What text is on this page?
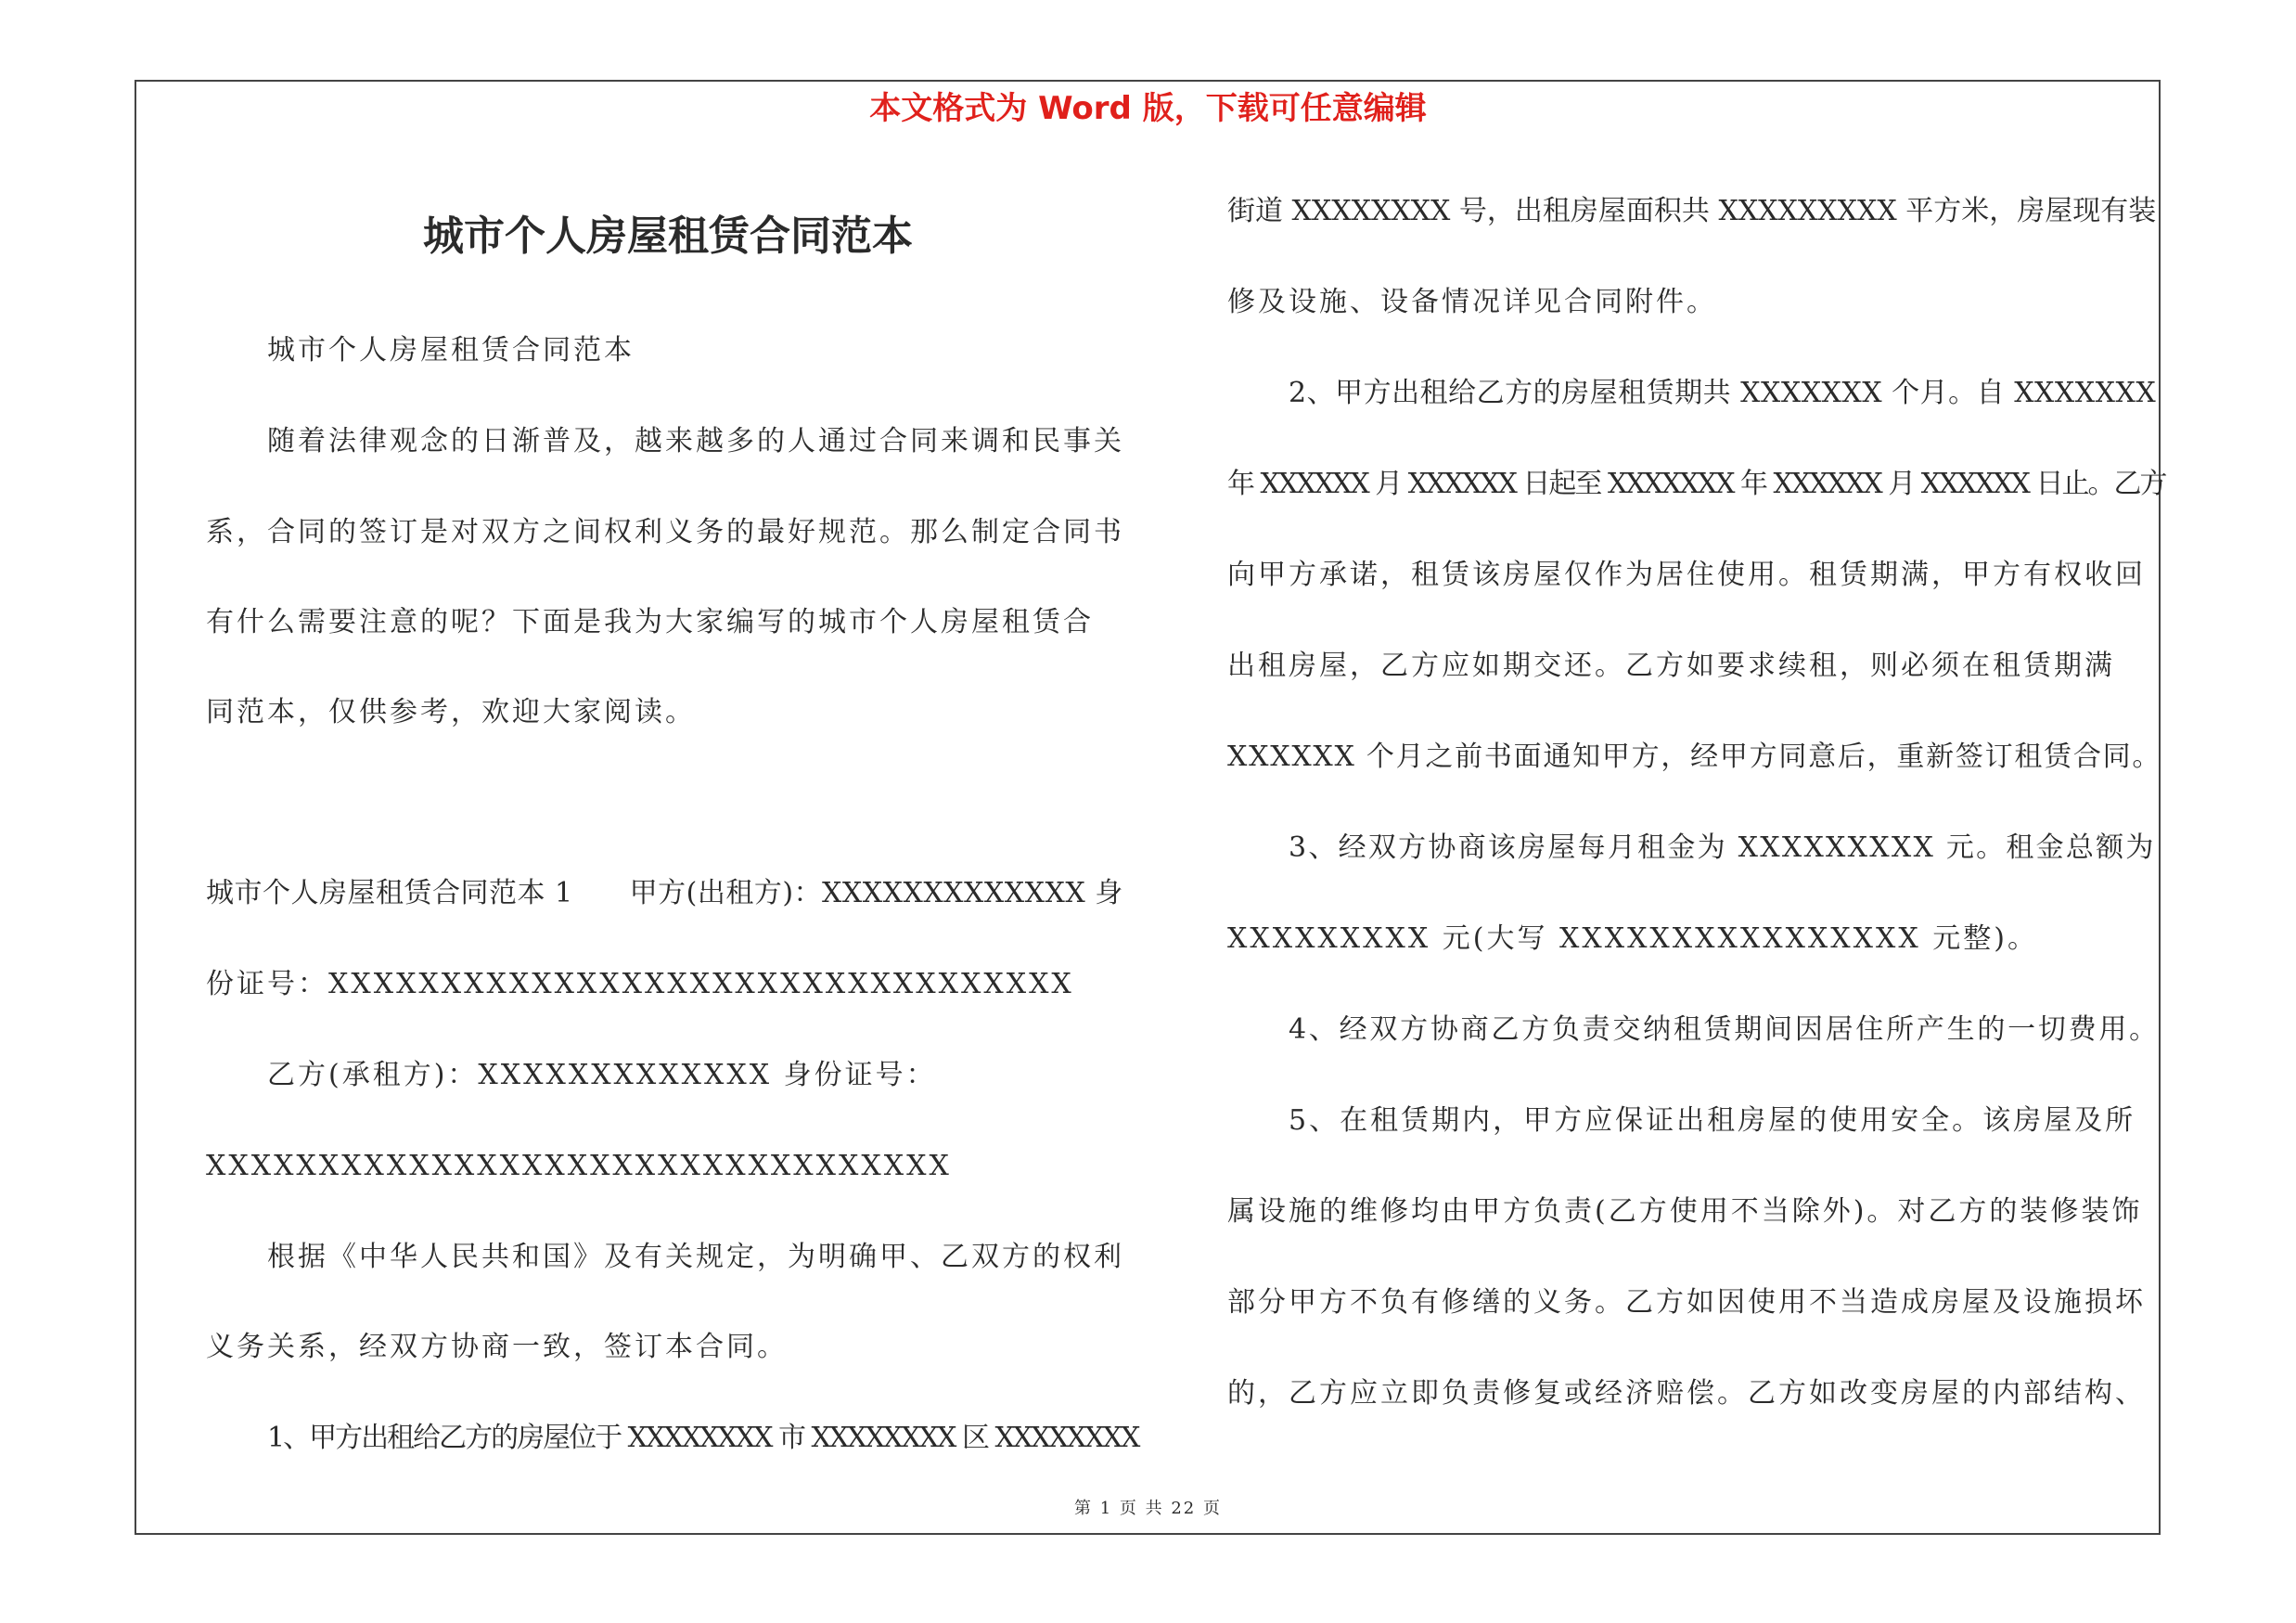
本文格式为 Word 版，下载可任意编辑
城市个人房屋租赁合同范本
城市个人房屋租赁合同范本
随着法律观念的日渐普及，越来越多的人通过合同来调和民事关
系，合同的签订是对双方之间权利义务的最好规范。那么制定合同书
有什么需要注意的呢？下面是我为大家编写的城市个人房屋租赁合
同范本，仅供参考，欢迎大家阅读。
城市个人房屋租赁合同范本 1　　甲方(出租方)：XXXXXXXXXXXXX 身
份证号：XXXXXXXXXXXXXXXXXXXXXXXXXXXXXXXXX
乙方(承租方)：XXXXXXXXXXXXX 身份证号：
XXXXXXXXXXXXXXXXXXXXXXXXXXXXXXXXX
根据《中华人民共和国》及有关规定，为明确甲、乙双方的权利
义务关系，经双方协商一致，签订本合同。
1、甲方出租给乙方的房屋位于 XXXXXXXX 市 XXXXXXXX 区 XXXXXXXX
街道 XXXXXXXX 号，出租房屋面积共 XXXXXXXXX 平方米，房屋现有装
修及设施、设备情况详见合同附件。
2、甲方出租给乙方的房屋租赁期共 XXXXXXX 个月。自 XXXXXXX
年 XXXXXX 月 XXXXXX 日起至 XXXXXXX 年 XXXXXX 月 XXXXXX 日止。乙方
向甲方承诺，租赁该房屋仅作为居住使用。租赁期满，甲方有权收回
出租房屋，乙方应如期交还。乙方如要求续租，则必须在租赁期满
XXXXXX 个月之前书面通知甲方，经甲方同意后，重新签订租赁合同。
3、经双方协商该房屋每月租金为 XXXXXXXXX 元。租金总额为
XXXXXXXXX 元(大写 XXXXXXXXXXXXXXXX 元整)。
4、经双方协商乙方负责交纳租赁期间因居住所产生的一切费用。
5、在租赁期内，甲方应保证出租房屋的使用安全。该房屋及所
属设施的维修均由甲方负责(乙方使用不当除外)。对乙方的装修装饰
部分甲方不负有修缮的义务。乙方如因使用不当造成房屋及设施损坏
的，乙方应立即负责修复或经济赔偿。乙方如改变房屋的内部结构、
第 1 页 共 22 页
